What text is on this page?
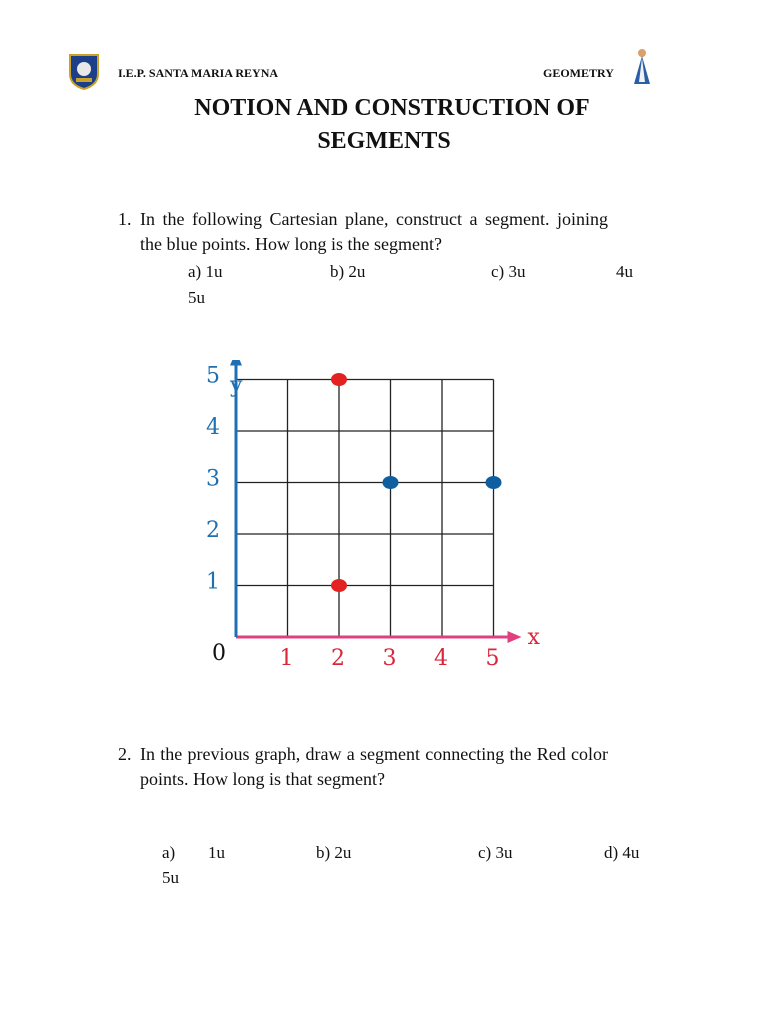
I.E.P. SANTA MARIA REYNA	GEOMETRY
NOTION AND CONSTRUCTION OF
SEGMENTS
1. In the following Cartesian plane, construct a segment. joining the blue points. How long is the segment?
a) 1u	b) 2u	c) 3u	4u
5u
1 2 3 4 5
1
2
3
4
5
x
y
0
2. In the previous graph, draw a segment connecting the Red color points. How long is that segment?
a) 1u	b) 2u	c) 3u	d) 4u
5u
